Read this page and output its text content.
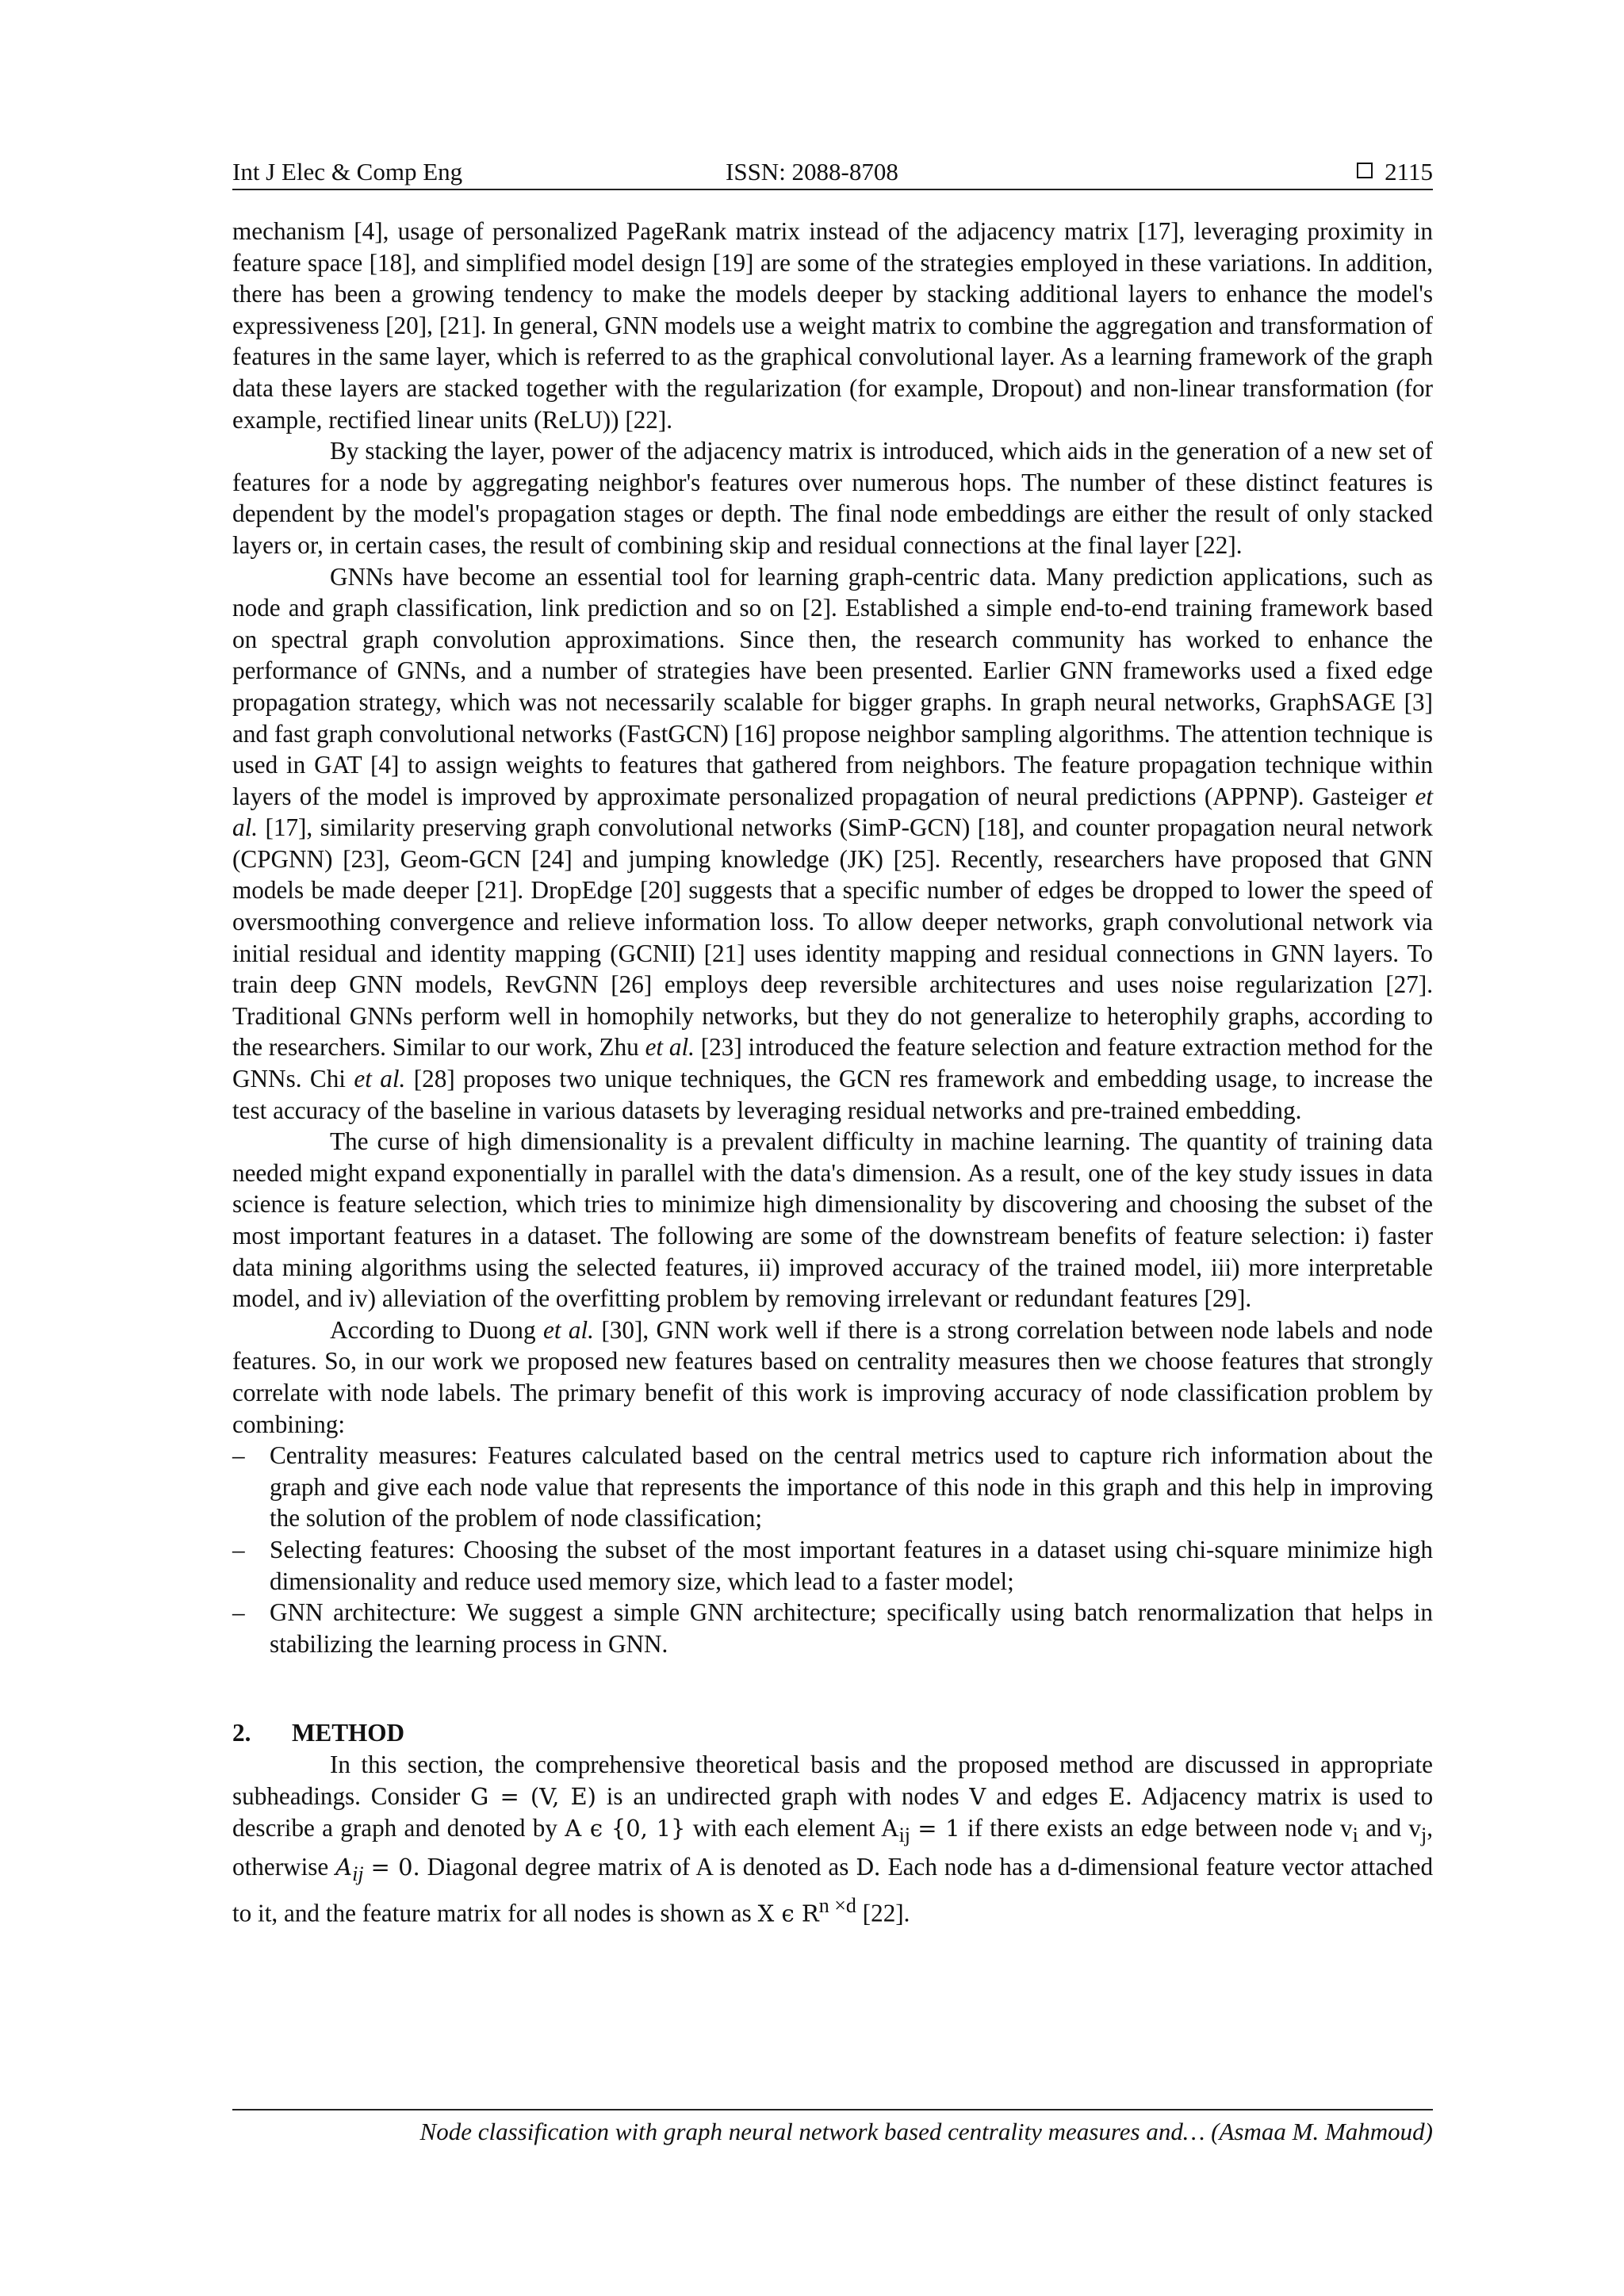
Int J Elec & Comp Eng	ISSN: 2088-8708	2115

mechanism [4], usage of personalized PageRank matrix instead of the adjacency matrix [17], leveraging proximity in feature space [18], and simplified model design [19] are some of the strategies employed in these variations. In addition, there has been a growing tendency to make the models deeper by stacking additional layers to enhance the model's expressiveness [20], [21]. In general, GNN models use a weight matrix to combine the aggregation and transformation of features in the same layer, which is referred to as the graphical convolutional layer. As a learning framework of the graph data these layers are stacked together with the regularization (for example, Dropout) and non-linear transformation (for example, rectified linear units (ReLU)) [22].

By stacking the layer, power of the adjacency matrix is introduced, which aids in the generation of a new set of features for a node by aggregating neighbor's features over numerous hops. The number of these distinct features is dependent by the model's propagation stages or depth. The final node embeddings are either the result of only stacked layers or, in certain cases, the result of combining skip and residual connections at the final layer [22].

GNNs have become an essential tool for learning graph-centric data. Many prediction applications, such as node and graph classification, link prediction and so on [2]. Established a simple end-to-end training framework based on spectral graph convolution approximations. Since then, the research community has worked to enhance the performance of GNNs, and a number of strategies have been presented. Earlier GNN frameworks used a fixed edge propagation strategy, which was not necessarily scalable for bigger graphs. In graph neural networks, GraphSAGE [3] and fast graph convolutional networks (FastGCN) [16] propose neighbor sampling algorithms. The attention technique is used in GAT [4] to assign weights to features that gathered from neighbors. The feature propagation technique within layers of the model is improved by approximate personalized propagation of neural predictions (APPNP). Gasteiger et al. [17], similarity preserving graph convolutional networks (SimP-GCN) [18], and counter propagation neural network (CPGNN) [23], Geom-GCN [24] and jumping knowledge (JK) [25]. Recently, researchers have proposed that GNN models be made deeper [21]. DropEdge [20] suggests that a specific number of edges be dropped to lower the speed of oversmoothing convergence and relieve information loss. To allow deeper networks, graph convolutional network via initial residual and identity mapping (GCNII) [21] uses identity mapping and residual connections in GNN layers. To train deep GNN models, RevGNN [26] employs deep reversible architectures and uses noise regularization [27]. Traditional GNNs perform well in homophily networks, but they do not generalize to heterophily graphs, according to the researchers. Similar to our work, Zhu et al. [23] introduced the feature selection and feature extraction method for the GNNs. Chi et al. [28] proposes two unique techniques, the GCN res framework and embedding usage, to increase the test accuracy of the baseline in various datasets by leveraging residual networks and pre-trained embedding.

The curse of high dimensionality is a prevalent difficulty in machine learning. The quantity of training data needed might expand exponentially in parallel with the data's dimension. As a result, one of the key study issues in data science is feature selection, which tries to minimize high dimensionality by discovering and choosing the subset of the most important features in a dataset. The following are some of the downstream benefits of feature selection: i) faster data mining algorithms using the selected features, ii) improved accuracy of the trained model, iii) more interpretable model, and iv) alleviation of the overfitting problem by removing irrelevant or redundant features [29].

According to Duong et al. [30], GNN work well if there is a strong correlation between node labels and node features. So, in our work we proposed new features based on centrality measures then we choose features that strongly correlate with node labels. The primary benefit of this work is improving accuracy of node classification problem by combining:

– Centrality measures: Features calculated based on the central metrics used to capture rich information about the graph and give each node value that represents the importance of this node in this graph and this help in improving the solution of the problem of node classification;
– Selecting features: Choosing the subset of the most important features in a dataset using chi-square minimize high dimensionality and reduce used memory size, which lead to a faster model;
– GNN architecture: We suggest a simple GNN architecture; specifically using batch renormalization that helps in stabilizing the learning process in GNN.
2. METHOD

In this section, the comprehensive theoretical basis and the proposed method are discussed in appropriate subheadings. Consider G = (V, E) is an undirected graph with nodes V and edges E. Adjacency matrix is used to describe a graph and denoted by A ϵ {0, 1} with each element $A_{ij} = 1$ if there exists an edge between node $v_i$ and $v_j$, otherwise $A_{ij} = 0$. Diagonal degree matrix of A is denoted as D. Each node has a d-dimensional feature vector attached to it, and the feature matrix for all nodes is shown as X ϵ $R^{n \times d}$ [22].

Node classification with graph neural network based centrality measures and… (Asmaa M. Mahmoud)
